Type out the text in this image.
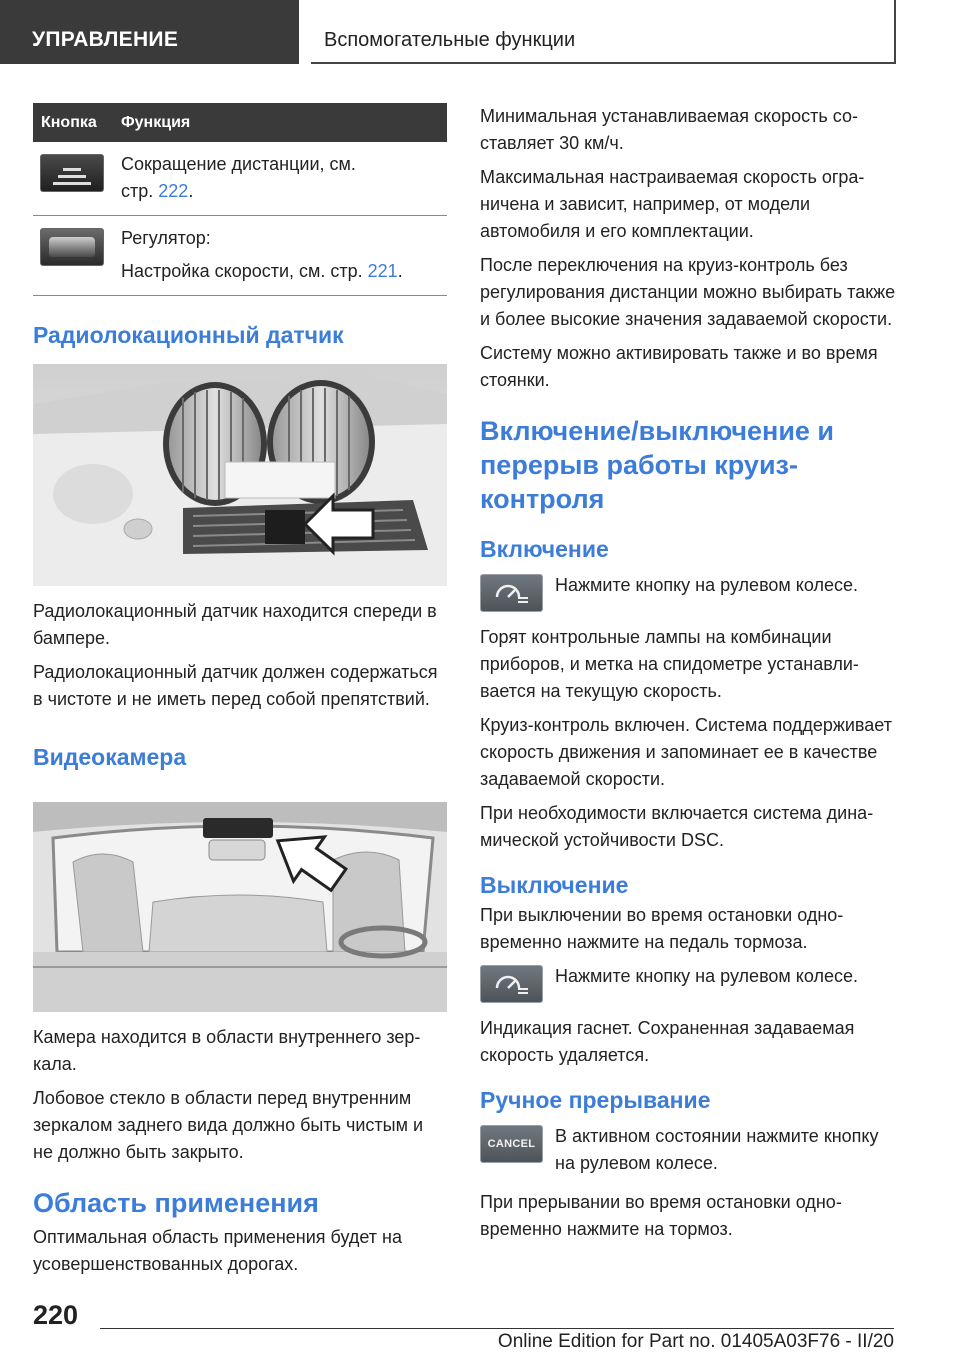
УПРАВЛЕНИЕ	Вспомогательные функции
Кнопка	Функция

	Сокращение дистанции, см.
стр. 222.

	Регулятор:
Настройка скорости, см. стр. 221.
Радиолокационный датчик

Радиолокационный датчик находится спереди в бампере.

Радиолокационный датчик должен содержаться в чистоте и не иметь перед собой препятствий.

Видеокамера

Камера находится в области внутреннего зеркала.

Лобовое стекло в области перед внутренним зеркалом заднего вида должно быть чистым и не должно быть закрыто.

Область применения

Оптимальная область применения будет на усовершенствованных дорогах.

Минимальная устанавливаемая скорость составляет 30 км/ч.

Максимальная настраиваемая скорость ограничена и зависит, например, от модели автомобиля и его комплектации.

После переключения на круиз-контроль без регулирования дистанции можно выбирать также и более высокие значения задаваемой скорости.

Систему можно активировать также и во время стоянки.

Включение/выключение и перерыв работы круиз-контроля
Включение

Нажмите кнопку на рулевом колесе.

Горят контрольные лампы на комбинации приборов, и метка на спидометре устанавливается на текущую скорость.

Круиз-контроль включен. Система поддерживает скорость движения и запоминает ее в качестве задаваемой скорости.

При необходимости включается система динамической устойчивости DSC.

Выключение

При выключении во время остановки одновременно нажмите на педаль тормоза.

Нажмите кнопку на рулевом колесе.

Индикация гаснет. Сохраненная задаваемая скорость удаляется.

Ручное прерывание
CANCEL В активном состоянии нажмите кнопку на рулевом колесе.

При прерывании во время остановки одновременно нажмите на тормоз.

220
Online Edition for Part no. 01405A03F76 - II/20
